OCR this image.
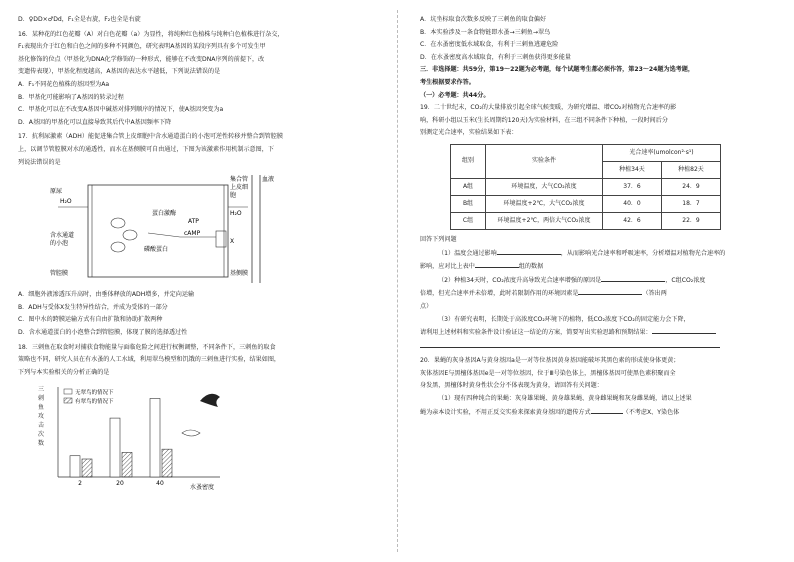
D．♀DD×♂Dd，F₁全是右旋，F₂也全是右旋
16．某种花的红色花瓣（A）对白色花瓣（a）为显性，将纯种红色植株与纯种白色植株进行杂交，
F₁表现出介于红色和白色之间的多种不同颜色，研究表明A基因的某段序列具有多个可发生甲
基化修饰的位点（甲基化为DNA化学修饰的一种形式，能够在不改变DNA序列的前提下，改
变遗传表现），甲基化程度越高，A基因的表达水平越低，下列说法错误的是
A．F₁不同花色植株的基因型为Aa
B．甲基化可能影响了A基因的转录过程
C．甲基化可以在不改变A基因中碱基对排列顺序的情况下，使A基因突变为a
D．A基因的甲基化可以直接导致其后代中A基因频率下降
17．抗利尿激素（ADH）能促进集合管上皮细胞中含水通道蛋白的小泡可逆性转移并整合到管腔膜
上，以调节管腔膜对水的通透性，而水在基侧膜可自由通过，下图为该激素作用机制示意图，下
列说法错误的是
原尿
含水通道
的小泡
管腔膜
蛋白激酶
磷酸蛋白
ATP
cAMP
集合管
上皮细
胞
血液
基侧膜
H₂O
H₂O
X
A．细胞外液渗透压升高时，由垂体释放的ADH增多，并定向运输
B．ADH与受体X发生特异性结合，并成为受体的一部分
C．图中水的跨膜运输方式有自由扩散和协助扩散两种
D．含水通道蛋白的小泡整合到管腔膜，体现了膜的选择透过性
18．三刺鱼在取食时对捕获食物能量与面临危险之间进行权衡调整，不同条件下，三刺鱼的取食
策略也不同，研究人员在有水蚤的人工水域，利用翠鸟模型和饥饿的三刺鱼进行实验，结果如图，
下列与本实验相关的分析正确的是
三刺鱼攻击次数
2	20	40
无翠鸟的情况下
有翠鸟的情况下
水蚤密度
A．坑坐标取食次数多反映了三刺鱼的取食偏好
B．本实验涉及一条食物链即水蚤→三刺鱼→翠鸟
C．在水蚤密度低水域取食，有利于三刺鱼逃避危险
D．在水蚤密度高水域取食，有利于三刺鱼获得更多能量
三．非选择题：共59分，第19～22题为必考题，每个试题考生都必须作答，第23～24题为选考题，
考生根据要求作答。
（一）必考题：共44分。
19．二十世纪末，CO₂的大量排放引起全球气候变暖，为研究增温、增CO₂对植物光合速率的影
响，科研小组以玉米(生长周期约120天)为实验材料，在三组不同条件下种植，一段时间后分
别测定光合速率，实验结果如下表：
组别	实验条件	光合速率(umolcon²·s¹)	
		种植34天	种植82天
A组	环境温度，大气CO₂浓度	37．6	24．9
B组	环境温度+2℃，大气CO₂浓度	40．0	18．7
C组	环境温度+2℃，两倍大气CO₂浓度	42．6	22．9
回答下列问题
（1）温度会通过影响	，从而影响光合速率和呼吸速率，分析增温对植物光合速率的
影响，应对比上表中	组的数据
（2）种植34天时，CO₂浓度升高导致光合速率增强的原因是	，C组CO₂浓度
倍增，但光合速率并未倍增，此时若限制作用的环境因素是	（答出两
点）
（3）有研究表明，长期处于高浓度CO₂环境下的植物，低CO₂浓度下CO₂的固定能力会下降，
请利用上述材料和实验条件设计验证这一结论的方案，简要写出实验思路和预期结果：
20．果蝇的灰身基因A与黄身基因a是一对等位基因黄身基因能破坏其黑色素的形成使身体更黄；
灰体基因E与黑檀体基因e是一对等位基因，位于Ⅲ号染色体上，黑檀体基因可使黑色素积聚而全
身发黑，黑檀体时黄身性状会分不体表现为黄身，请回答有关问题：
（1）现有四种纯合的果蝇：灰身雄果蝇、黄身雄果蝇、黄身雌果蝇和灰身雌果蝇，请以上述果
蝇为亲本设计实验，不用正反交实验来探索黄身基因的遗传方式	（不考虑X、Y染色体
